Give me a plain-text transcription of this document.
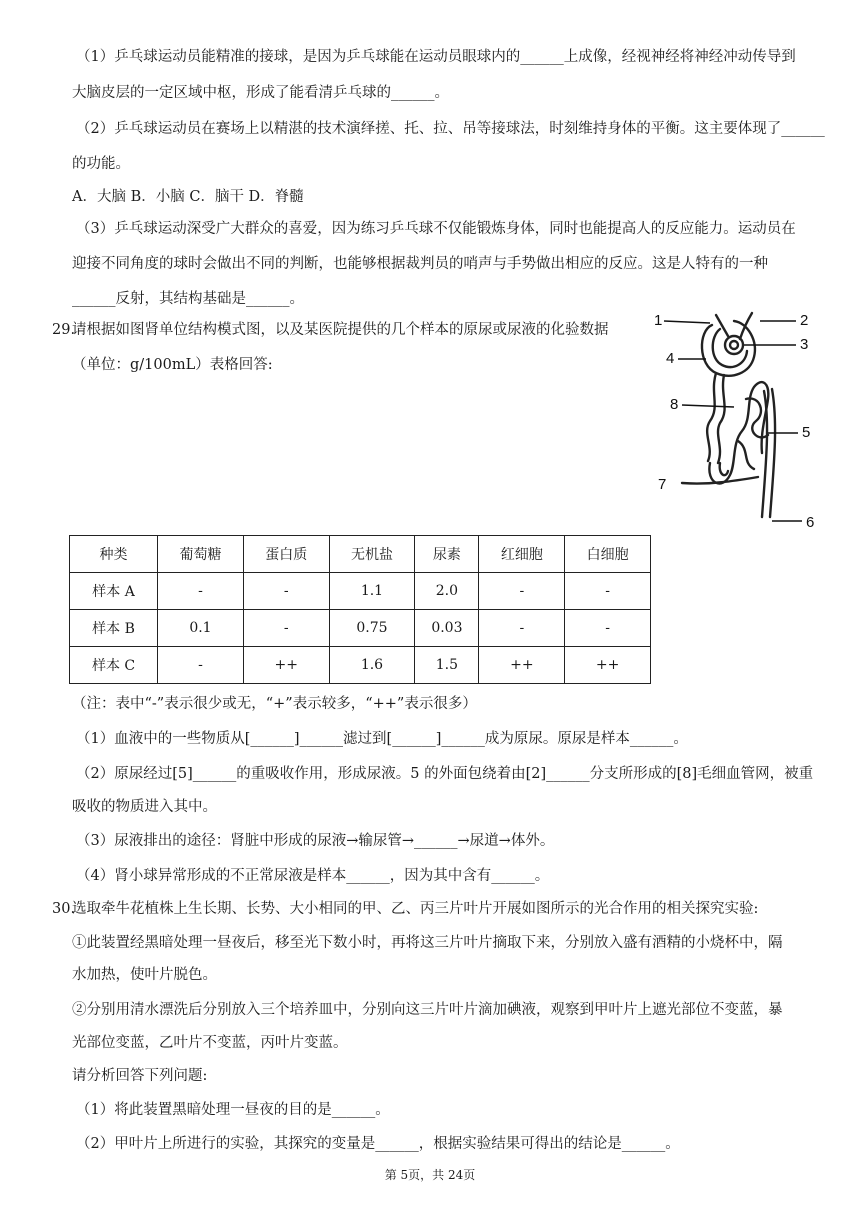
（1）乒乓球运动员能精准的接球，是因为乒乓球能在运动员眼球内的______上成像，经视神经将神经冲动传导到
大脑皮层的一定区域中枢，形成了能看清乒乓球的______。
（2）乒乓球运动员在赛场上以精湛的技术演绎搓、托、拉、吊等接球法，时刻维持身体的平衡。这主要体现了______
的功能。
A．大脑 B．小脑 C．脑干 D．脊髓
（3）乒乓球运动深受广大群众的喜爱，因为练习乒乓球不仅能锻炼身体，同时也能提高人的反应能力。运动员在
迎接不同角度的球时会做出不同的判断，也能够根据裁判员的哨声与手势做出相应的反应。这是人特有的一种
______反射，其结构基础是______。
29.
请根据如图肾单位结构模式图，以及某医院提供的几个样本的原尿或尿液的化验数据
（单位：g/100mL）表格回答:
1	2
3
4
8
5
7
6
种类	葡萄糖	蛋白质	无机盐	尿素	红细胞	白细胞
样本 A	-	-	1.1	2.0	-	-
样本 B	0.1	-	0.75	0.03	-	-
样本 C	-	++	1.6	1.5	++	++
（注：表中“-”表示很少或无，“+”表示较多，“++”表示很多）
（1）血液中的一些物质从[______]______滤过到[______]______成为原尿。原尿是样本______。
（2）原尿经过[5]______的重吸收作用，形成尿液。5 的外面包绕着由[2]______分支所形成的[8]毛细血管网，被重
吸收的物质进入其中。
（3）尿液排出的途径：肾脏中形成的尿液→输尿管→______→尿道→体外。
（4）肾小球异常形成的不正常尿液是样本______，因为其中含有______。
30.
选取牵牛花植株上生长期、长势、大小相同的甲、乙、丙三片叶片开展如图所示的光合作用的相关探究实验:
①此装置经黑暗处理一昼夜后，移至光下数小时，再将这三片叶片摘取下来，分别放入盛有酒精的小烧杯中，隔
水加热，使叶片脱色。
②分别用清水漂洗后分别放入三个培养皿中，分别向这三片叶片滴加碘液，观察到甲叶片上遮光部位不变蓝，暴
光部位变蓝，乙叶片不变蓝，丙叶片变蓝。
请分析回答下列问题:
（1）将此装置黑暗处理一昼夜的目的是______。
（2）甲叶片上所进行的实验，其探究的变量是______，根据实验结果可得出的结论是______。
第 5页，共 24页
